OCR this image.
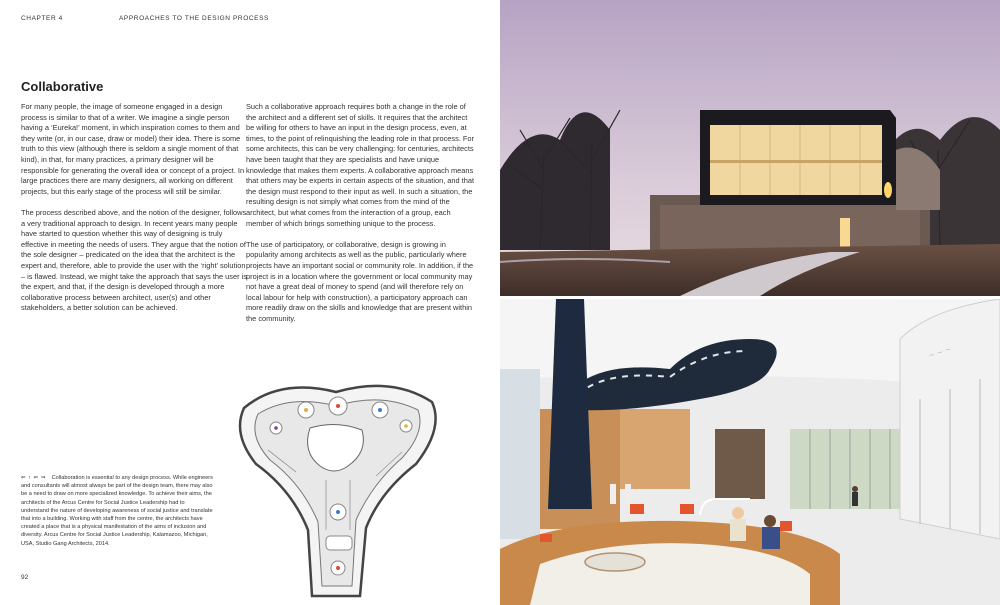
CHAPTER 4	APPROACHES TO THE DESIGN PROCESS
Collaborative

For many people, the image of someone engaged in a design process is similar to that of a writer. We imagine a single person having a ‘Eureka!’ moment, in which inspiration comes to them and they write (or, in our case, draw or model) their idea. There is some truth to this view (although there is seldom a single moment of that kind), in that, for many practices, a primary designer will be responsible for generating the overall idea or concept of a project. In large practices there are many designers, all working on different projects, but this early stage of the process will still be similar.

The process described above, and the notion of the designer, follows a very traditional approach to design. In recent years many people have started to question whether this way of designing is truly effective in meeting the needs of users. They argue that the notion of the sole designer – predicated on the idea that the architect is the expert and, therefore, able to provide the user with the ‘right’ solution – is flawed. Instead, we might take the approach that says the user is the expert, and that, if the design is developed through a more collaborative process between architect, user(s) and other stakeholders, a better solution can be achieved.

Such a collaborative approach requires both a change in the role of the architect and a different set of skills. It requires that the architect be willing for others to have an input in the design process, even, at times, to the point of relinquishing the leading role in that process. For some architects, this can be very challenging: for centuries, architects have been taught that they are specialists and have unique knowledge that makes them experts. A collaborative approach means that others may be experts in certain aspects of the situation, and that the design must respond to their input as well. In such a situation, the resulting design is not simply what comes from the mind of the architect, but what comes from the interaction of a group, each member of which brings something unique to the process.

The use of participatory, or collaborative, design is growing in popularity among architects as well as the public, particularly where projects have an important social or community role. In addition, if the project is in a location where the government or local community may not have a great deal of money to spend (and will therefore rely on local labour for help with construction), a participatory approach can more readily draw on the skills and knowledge that are present within the community.

⇐ ↑ ⇐ ⇒ Collaboration is essential to any design process. While engineers and consultants will almost always be part of the design team, there may also be a need to draw on more specialized knowledge. To achieve their aims, the architects of the Arcus Centre for Social Justice Leadership had to understand the nature of developing awareness of social justice and translate that into a building. Working with staff from the centre, the architects have created a place that is a physical manifestation of the aims of inclusion and diversity. Arcus Centre for Social Justice Leadership, Kalamazoo, Michigan, USA, Studio Gang Architects, 2014.
92
~ ~ ~
